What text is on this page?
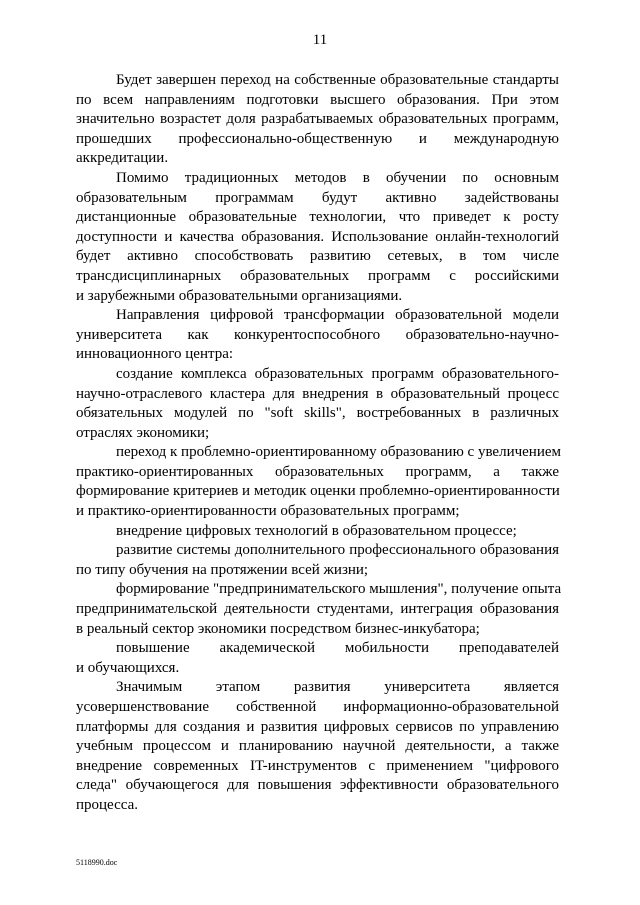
11
Будет завершен переход на собственные образовательные стандарты
по всем направлениям подготовки высшего образования. При этом
значительно возрастет доля разрабатываемых образовательных программ,
прошедших профессионально-общественную и международную
аккредитации.
Помимо традиционных методов в обучении по основным
образовательным программам будут активно задействованы
дистанционные образовательные технологии, что приведет к росту
доступности и качества образования. Использование онлайн-технологий
будет активно способствовать развитию сетевых, в том числе
трансдисциплинарных образовательных программ с российскими
и зарубежными образовательными организациями.
Направления цифровой трансформации образовательной модели
университета как конкурентоспособного образовательно-научно-
инновационного центра:
создание комплекса образовательных программ образовательного-
научно-отраслевого кластера для внедрения в образовательный процесс
обязательных модулей по "soft skills", востребованных в различных
отраслях экономики;
переход к проблемно-ориентированному образованию с увеличением
практико-ориентированных образовательных программ, а также
формирование критериев и методик оценки проблемно-ориентированности
и практико-ориентированности образовательных программ;
внедрение цифровых технологий в образовательном процессе;
развитие системы дополнительного профессионального образования
по типу обучения на протяжении всей жизни;
формирование "предпринимательского мышления", получение опыта
предпринимательской деятельности студентами, интеграция образования
в реальный сектор экономики посредством бизнес-инкубатора;
повышение академической мобильности преподавателей
и обучающихся.
Значимым этапом развития университета является
усовершенствование собственной информационно-образовательной
платформы для создания и развития цифровых сервисов по управлению
учебным процессом и планированию научной деятельности, а также
внедрение современных IT-инструментов с применением "цифрового
следа" обучающегося для повышения эффективности образовательного
процесса.
5118990.doc
